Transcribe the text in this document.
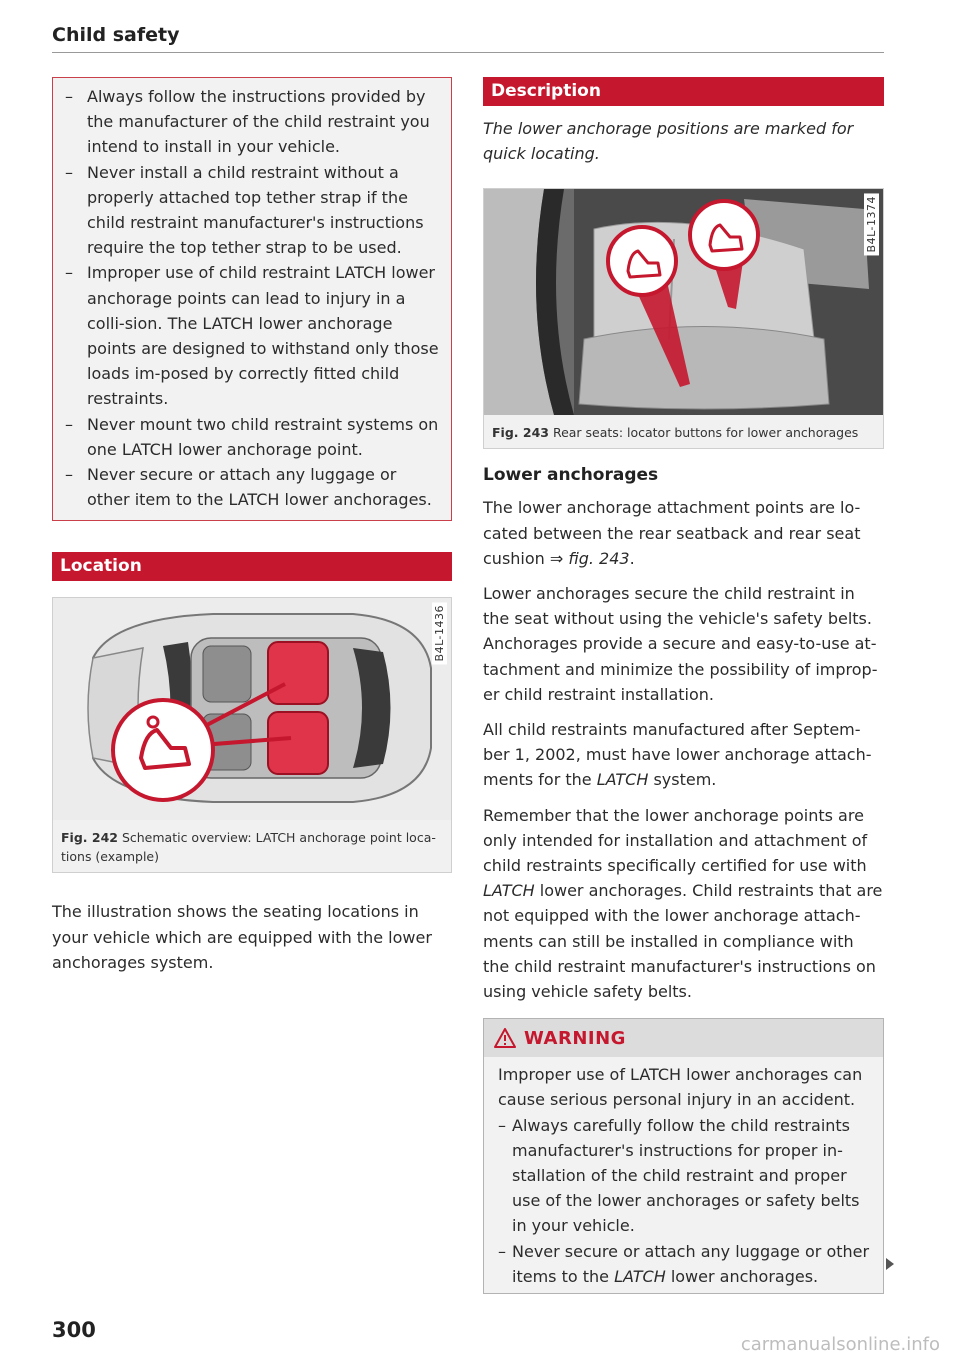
Child safety
– Always follow the instructions provided by the manufacturer of the child restraint you intend to install in your vehicle.
– Never install a child restraint without a properly attached top tether strap if the child restraint manufacturer's instructions require the top tether strap to be used.
– Improper use of child restraint LATCH lower anchorage points can lead to injury in a colli-sion. The LATCH lower anchorage points are designed to withstand only those loads im-posed by correctly fitted child restraints.
– Never mount two child restraint systems on one LATCH lower anchorage point.
– Never secure or attach any luggage or other item to the LATCH lower anchorages.
Location
B4L-1436
Fig. 242 Schematic overview: LATCH anchorage point loca-tions (example)

The illustration shows the seating locations in your vehicle which are equipped with the lower anchorages system.

Description

The lower anchorage positions are marked for quick locating.

B4L-1374
Fig. 243 Rear seats: locator buttons for lower anchorages

Lower anchorages

The lower anchorage attachment points are lo-cated between the rear seatback and rear seat cushion ⇒ fig. 243.

Lower anchorages secure the child restraint in the seat without using the vehicle's safety belts. Anchorages provide a secure and easy-to-use at-tachment and minimize the possibility of improp-er child restraint installation.

All child restraints manufactured after Septem-ber 1, 2002, must have lower anchorage attach-ments for the LATCH system.

Remember that the lower anchorage points are only intended for installation and attachment of child restraints specifically certified for use with LATCH lower anchorages. Child restraints that are not equipped with the lower anchorage attach-ments can still be installed in compliance with the child restraint manufacturer's instructions on using vehicle safety belts.

WARNING

Improper use of LATCH lower anchorages can cause serious personal injury in an accident.

– Always carefully follow the child restraints manufacturer's instructions for proper in-stallation of the child restraint and proper use of the lower anchorages or safety belts in your vehicle.
– Never secure or attach any luggage or other items to the LATCH lower anchorages.
300
carmanualsonline.info
